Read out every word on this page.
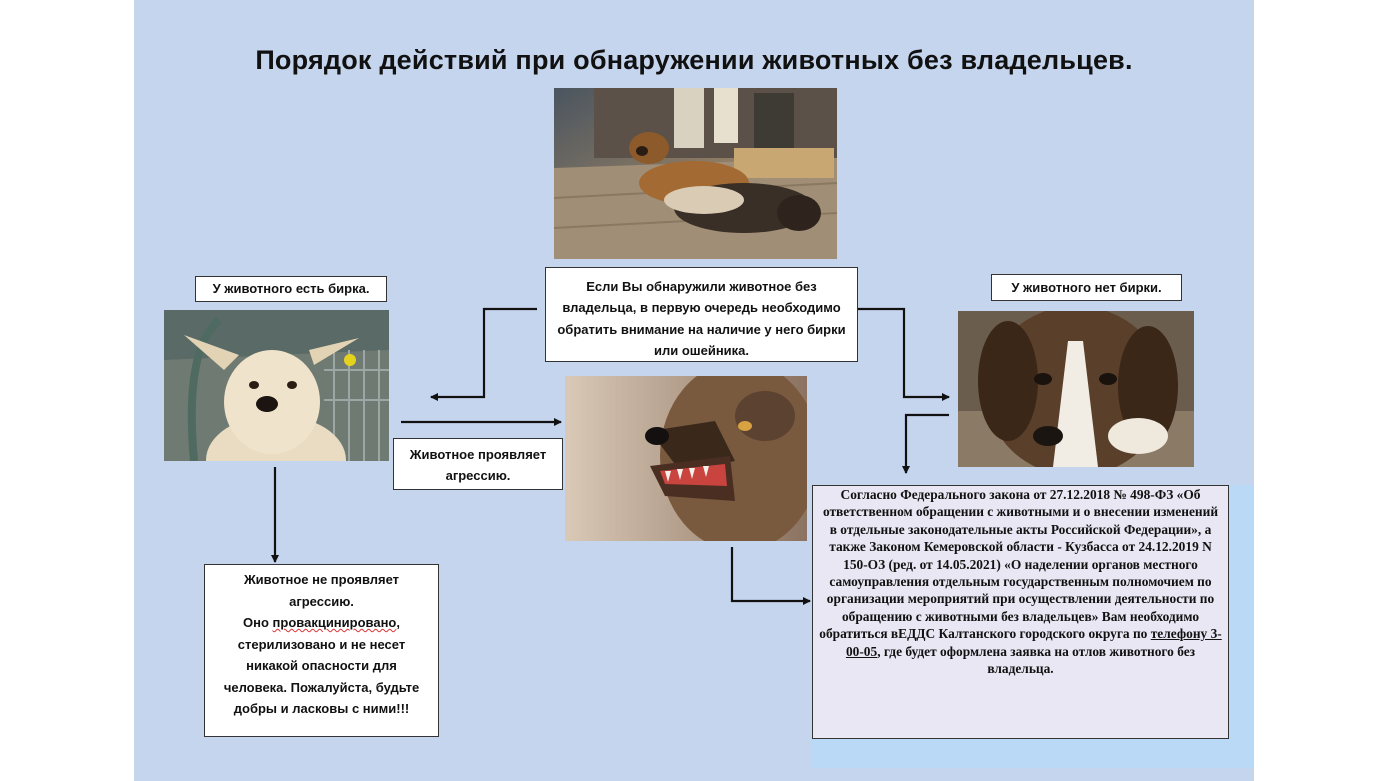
Порядок действий при обнаружении животных без владельцев.
Если Вы обнаружили животное без владельца, в первую очередь необходимо обратить внимание на наличие у него бирки или ошейника.
У животного есть бирка.	У животного нет бирки.
Животное проявляет агрессию.
Животное не проявляет агрессию.
Оно провакцинировано, стерилизовано и не несет никакой опасности для человека. Пожалуйста, будьте добры и ласковы с ними!!!
Согласно Федерального закона от 27.12.2018 № 498-ФЗ «Об ответственном обращении с животными и о внесении изменений в отдельные законодательные акты Российской Федерации», а также Законом Кемеровской области - Кузбасса от 24.12.2019 N 150-ОЗ (ред. от 14.05.2021) «О наделении органов местного самоуправления отдельным государственным полномочием по организации мероприятий при осуществлении деятельности по обращению с животными без владельцев» Вам необходимо обратиться вЕДДС Калтанского городского округа по телефону 3-00-05, где будет оформлена заявка на отлов животного без владельца.
